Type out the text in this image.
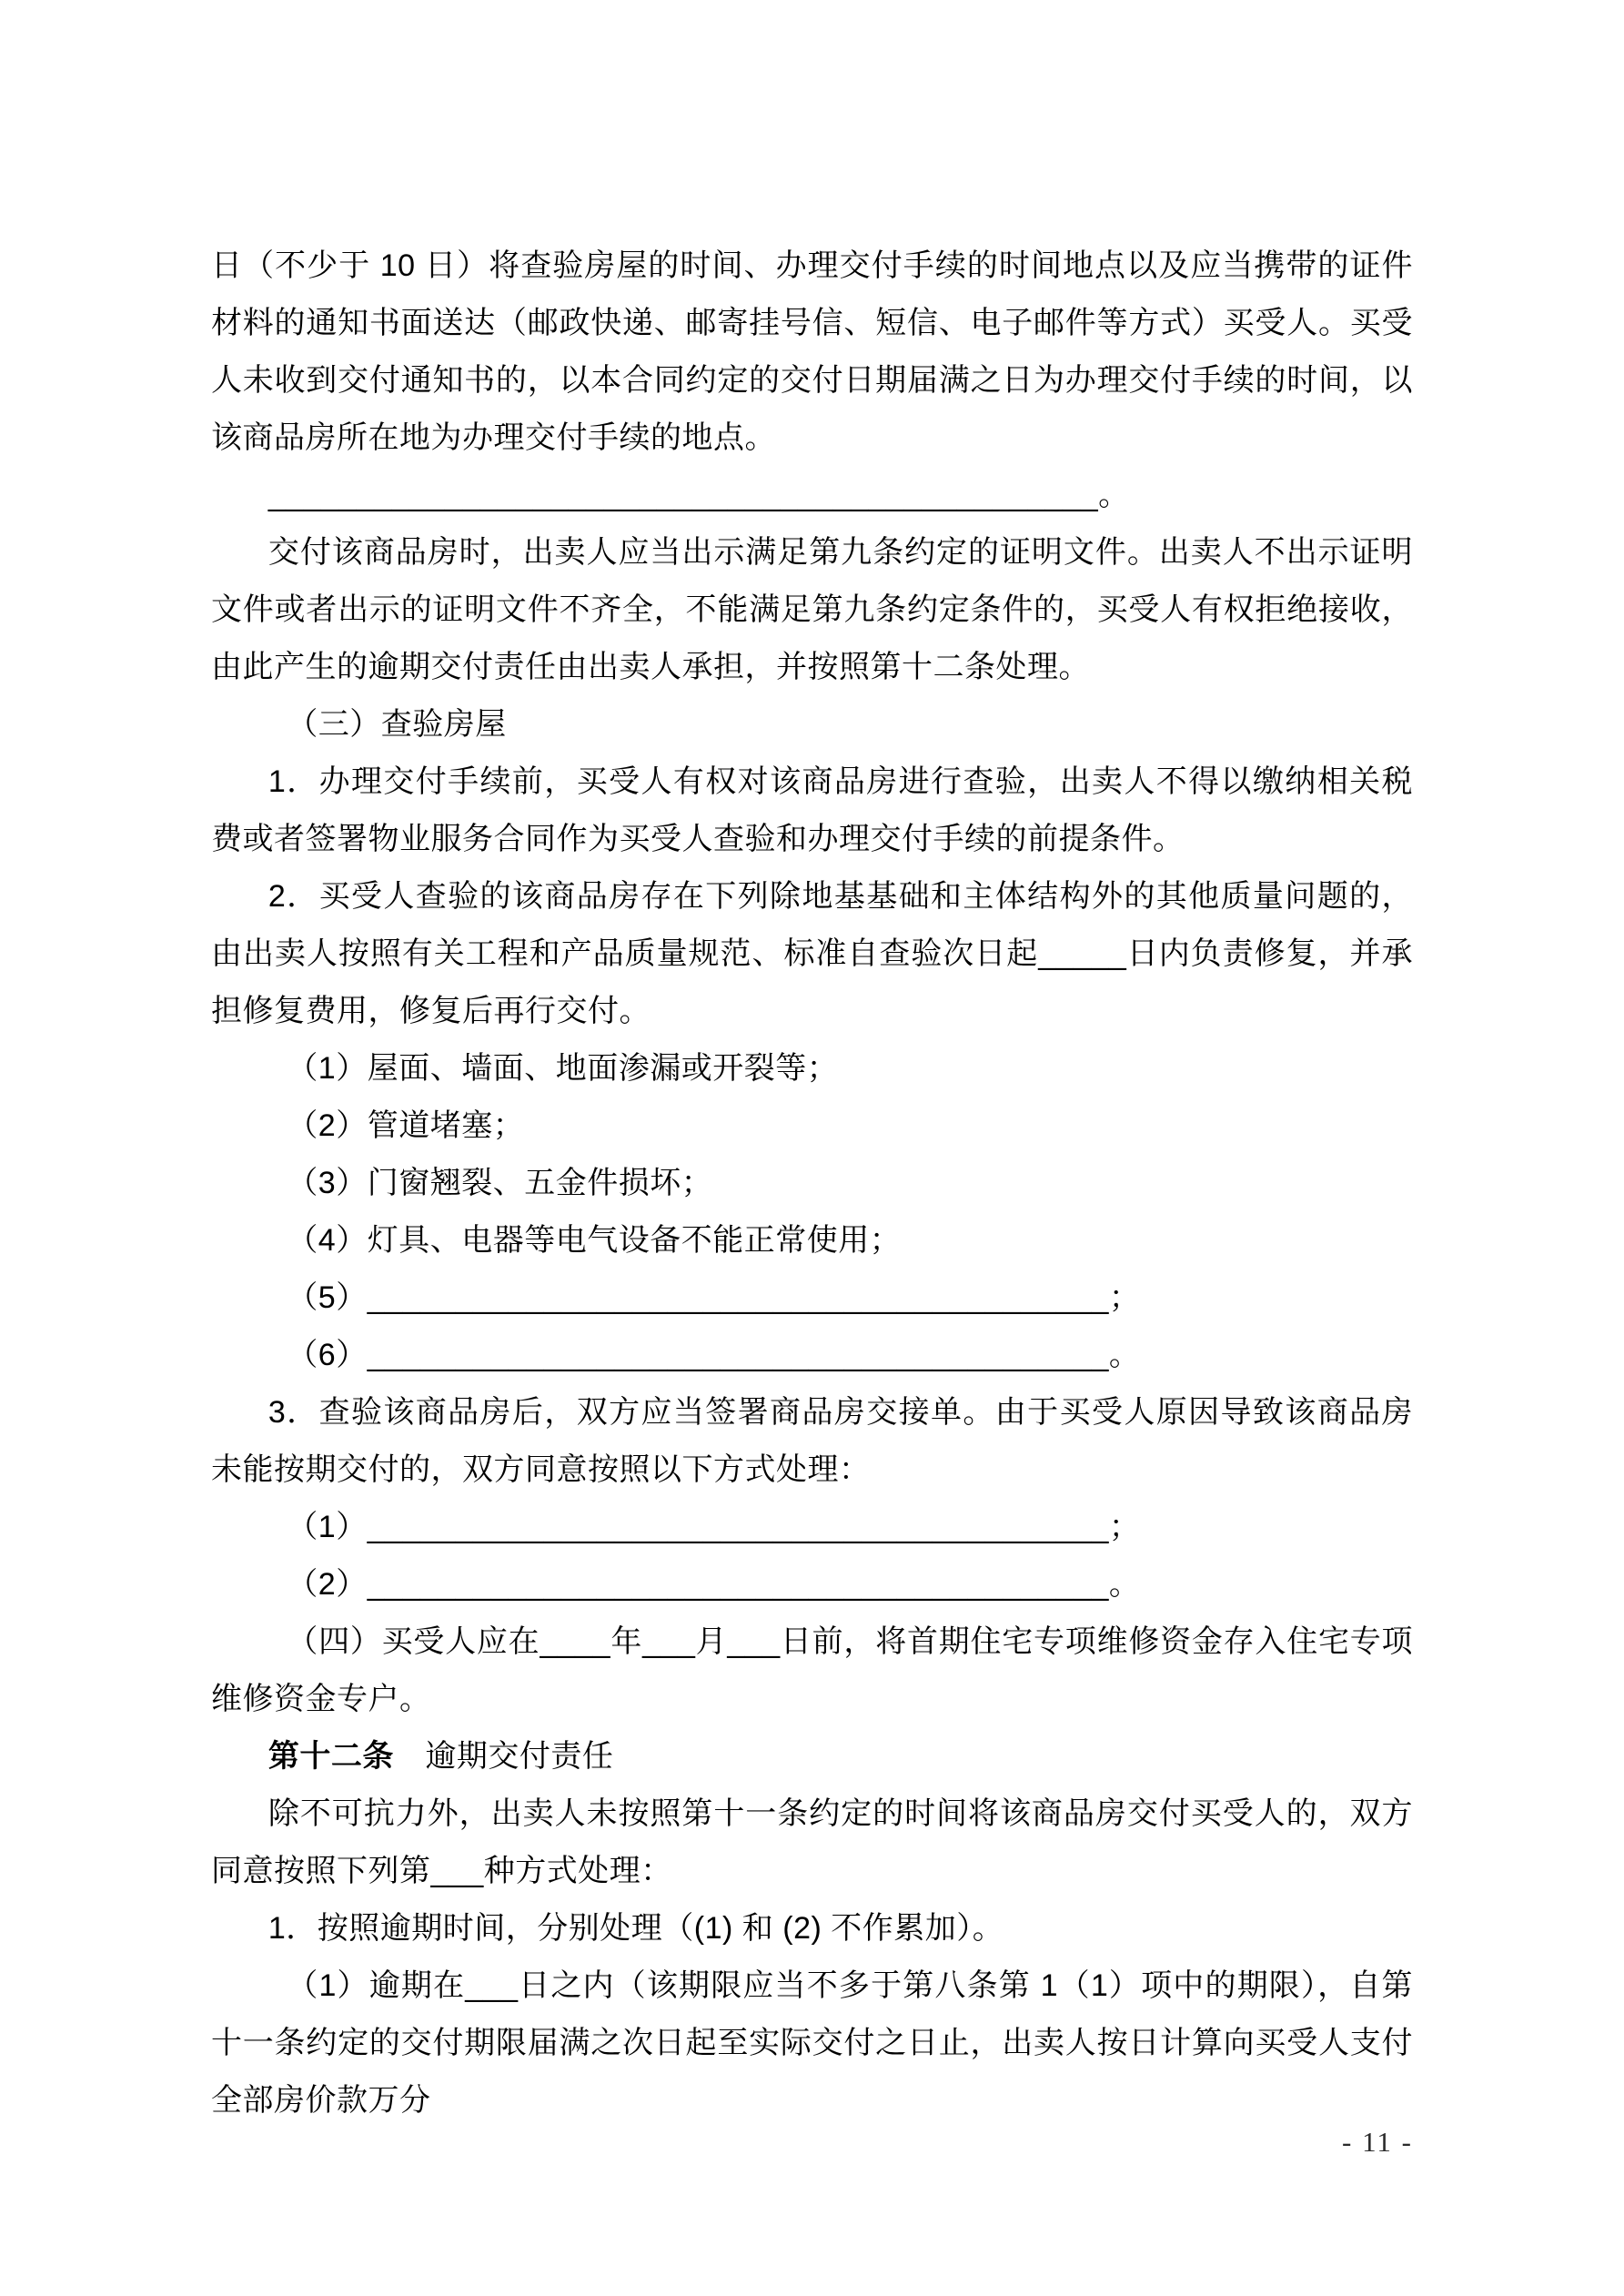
日（不少于 10 日）将查验房屋的时间、办理交付手续的时间地点以及应当携带的证件材料的通知书面送达（邮政快递、邮寄挂号信、短信、电子邮件等方式）买受人。买受人未收到交付通知书的，以本合同约定的交付日期届满之日为办理交付手续的时间，以该商品房所在地为办理交付手续的地点。
_______________________________________________。
交付该商品房时，出卖人应当出示满足第九条约定的证明文件。出卖人不出示证明文件或者出示的证明文件不齐全，不能满足第九条约定条件的，买受人有权拒绝接收，由此产生的逾期交付责任由出卖人承担，并按照第十二条处理。
（三）查验房屋
1．办理交付手续前，买受人有权对该商品房进行查验，出卖人不得以缴纳相关税费或者签署物业服务合同作为买受人查验和办理交付手续的前提条件。
2．买受人查验的该商品房存在下列除地基基础和主体结构外的其他质量问题的，由出卖人按照有关工程和产品质量规范、标准自查验次日起_____日内负责修复，并承担修复费用，修复后再行交付。
（1）屋面、墙面、地面渗漏或开裂等；
（2）管道堵塞；
（3）门窗翘裂、五金件损坏；
（4）灯具、电器等电气设备不能正常使用；
（5）__________________________________________；
（6）__________________________________________。
3．查验该商品房后，双方应当签署商品房交接单。由于买受人原因导致该商品房未能按期交付的，双方同意按照以下方式处理：
（1）__________________________________________；
（2）__________________________________________。
（四）买受人应在____年___月___日前，将首期住宅专项维修资金存入住宅专项维修资金专户。
第十二条　逾期交付责任
除不可抗力外，出卖人未按照第十一条约定的时间将该商品房交付买受人的，双方同意按照下列第___种方式处理：
1．按照逾期时间，分别处理（(1) 和 (2) 不作累加）。
（1）逾期在___日之内（该期限应当不多于第八条第 1（1）项中的期限），自第十一条约定的交付期限届满之次日起至实际交付之日止，出卖人按日计算向买受人支付全部房价款万分
- 11 -
